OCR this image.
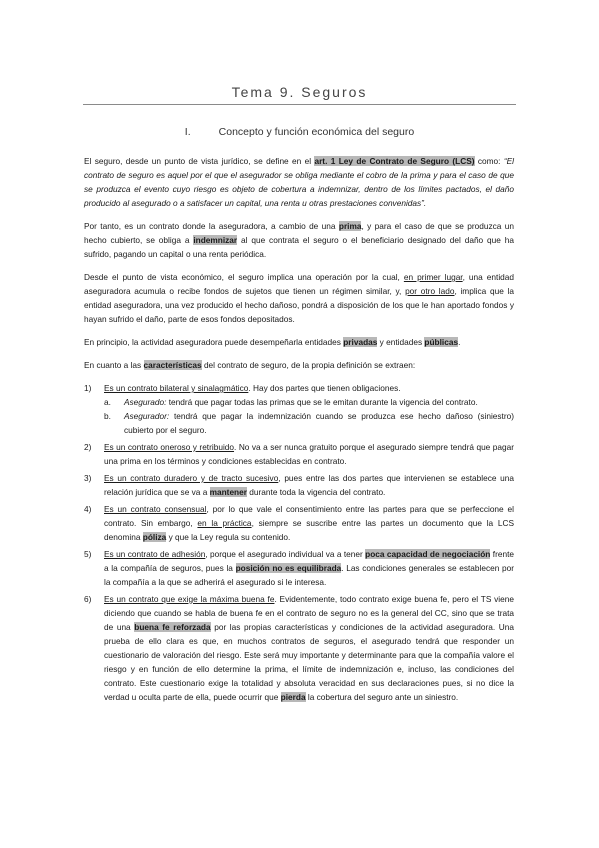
Tema 9. Seguros
I.	Concepto y función económica del seguro

El seguro, desde un punto de vista jurídico, se define en el art. 1 Ley de Contrato de Seguro (LCS) como: “El contrato de seguro es aquel por el que el asegurador se obliga mediante el cobro de la prima y para el caso de que se produzca el evento cuyo riesgo es objeto de cobertura a indemnizar, dentro de los límites pactados, el daño producido al asegurado o a satisfacer un capital, una renta u otras prestaciones convenidas”.

Por tanto, es un contrato donde la aseguradora, a cambio de una prima, y para el caso de que se produzca un hecho cubierto, se obliga a indemnizar al que contrata el seguro o el beneficiario designado del daño que ha sufrido, pagando un capital o una renta periódica.

Desde el punto de vista económico, el seguro implica una operación por la cual, en primer lugar, una entidad aseguradora acumula o recibe fondos de sujetos que tienen un régimen similar, y, por otro lado, implica que la entidad aseguradora, una vez producido el hecho dañoso, pondrá a disposición de los que le han aportado fondos y hayan sufrido el daño, parte de esos fondos depositados.

En principio, la actividad aseguradora puede desempeñarla entidades privadas y entidades públicas.

En cuanto a las características del contrato de seguro, de la propia definición se extraen:

1) Es un contrato bilateral y sinalagmático. Hay dos partes que tienen obligaciones.
a. Asegurado: tendrá que pagar todas las primas que se le emitan durante la vigencia del contrato.
b. Asegurador: tendrá que pagar la indemnización cuando se produzca ese hecho dañoso (siniestro) cubierto por el seguro.
2) Es un contrato oneroso y retribuido. No va a ser nunca gratuito porque el asegurado siempre tendrá que pagar una prima en los términos y condiciones establecidas en contrato.
3) Es un contrato duradero y de tracto sucesivo, pues entre las dos partes que intervienen se establece una relación jurídica que se va a mantener durante toda la vigencia del contrato.
4) Es un contrato consensual, por lo que vale el consentimiento entre las partes para que se perfeccione el contrato. Sin embargo, en la práctica, siempre se suscribe entre las partes un documento que la LCS denomina póliza y que la Ley regula su contenido.
5) Es un contrato de adhesión, porque el asegurado individual va a tener poca capacidad de negociación frente a la compañía de seguros, pues la posición no es equilibrada. Las condiciones generales se establecen por la compañía a la que se adherirá el asegurado si le interesa.
6) Es un contrato que exige la máxima buena fe. Evidentemente, todo contrato exige buena fe, pero el TS viene diciendo que cuando se habla de buena fe en el contrato de seguro no es la general del CC, sino que se trata de una buena fe reforzada por las propias características y condiciones de la actividad aseguradora. Una prueba de ello clara es que, en muchos contratos de seguros, el asegurado tendrá que responder un cuestionario de valoración del riesgo. Este será muy importante y determinante para que la compañía valore el riesgo y en función de ello determine la prima, el límite de indemnización e, incluso, las condiciones del contrato. Este cuestionario exige la totalidad y absoluta veracidad en sus declaraciones pues, si no dice la verdad u oculta parte de ella, puede ocurrir que pierda la cobertura del seguro ante un siniestro.
